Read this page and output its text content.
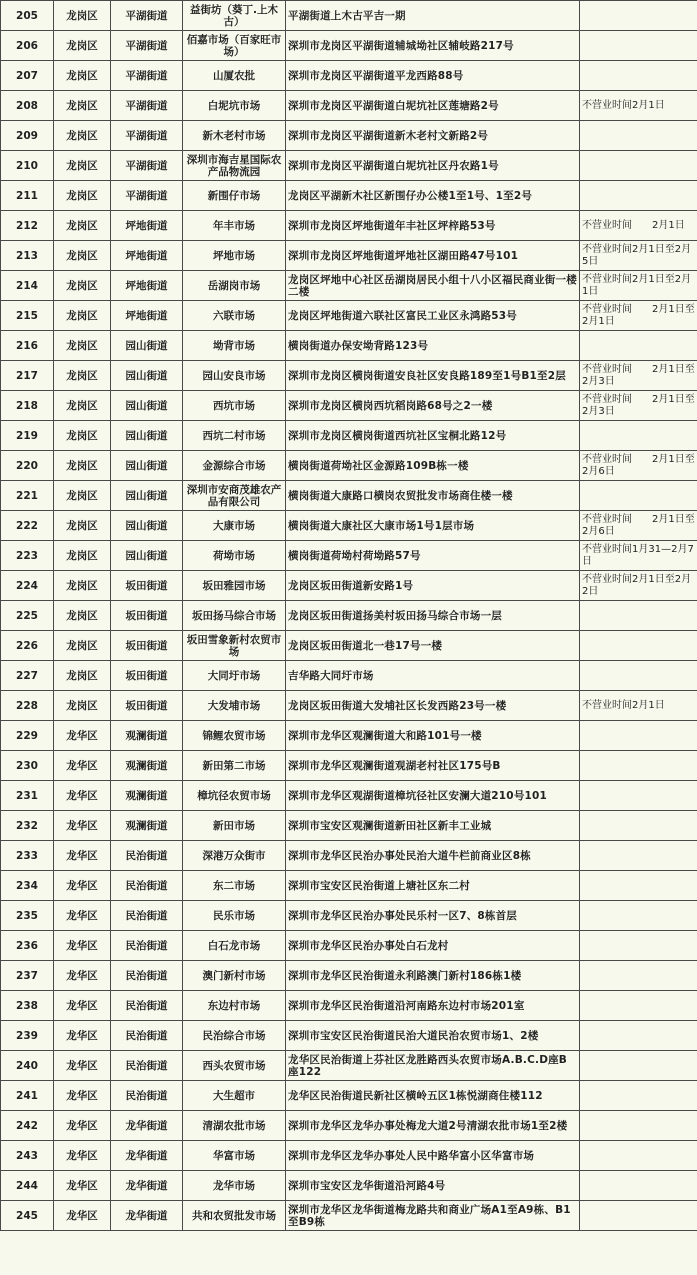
205	龙岗区	平湖街道	益街坊（葵丁.上木古）	平湖街道上木古平吉一期	
206	龙岗区	平湖街道	佰嘉市场（百家旺市场）	深圳市龙岗区平湖街道辅城坳社区辅岐路217号	
207	龙岗区	平湖街道	山厦农批	深圳市龙岗区平湖街道平龙西路88号	
208	龙岗区	平湖街道	白坭坑市场	深圳市龙岗区平湖街道白坭坑社区莲塘路2号	不营业时间2月1日
209	龙岗区	平湖街道	新木老村市场	深圳市龙岗区平湖街道新木老村文新路2号	
210	龙岗区	平湖街道	深圳市海吉星国际农产品物流园	深圳市龙岗区平湖街道白坭坑社区丹农路1号	
211	龙岗区	平湖街道	新围仔市场	龙岗区平湖新木社区新围仔办公楼1至1号、1至2号	
212	龙岗区	坪地街道	年丰市场	深圳市龙岗区坪地街道年丰社区坪梓路53号	不营业时间　　2月1日
213	龙岗区	坪地街道	坪地市场	深圳市龙岗区坪地街道坪地社区湖田路47号101	不营业时间2月1日至2月5日
214	龙岗区	坪地街道	岳湖岗市场	龙岗区坪地中心社区岳湖岗居民小组十八小区福民商业街一楼二楼	不营业时间2月1日至2月1日
215	龙岗区	坪地街道	六联市场	龙岗区坪地街道六联社区富民工业区永鸿路53号	不营业时间　　2月1日至2月1日
216	龙岗区	园山街道	坳背市场	横岗街道办保安坳背路123号	
217	龙岗区	园山街道	园山安良市场	深圳市龙岗区横岗街道安良社区安良路189至1号B1至2层	不营业时间　　2月1日至2月3日
218	龙岗区	园山街道	西坑市场	深圳市龙岗区横岗西坑稻岗路68号之2一楼	不营业时间　　2月1日至2月3日
219	龙岗区	园山街道	西坑二村市场	深圳市龙岗区横岗街道西坑社区宝桐北路12号	
220	龙岗区	园山街道	金源综合市场	横岗街道荷坳社区金源路109B栋一楼	不营业时间　　2月1日至2月6日
221	龙岗区	园山街道	深圳市安商茂雄农产品有限公司	横岗街道大康路口横岗农贸批发市场商住楼一楼	
222	龙岗区	园山街道	大康市场	横岗街道大康社区大康市场1号1层市场	不营业时间　　2月1日至2月6日
223	龙岗区	园山街道	荷坳市场	横岗街道荷坳村荷坳路57号	不营业时间1月31—2月7日
224	龙岗区	坂田街道	坂田雅园市场	龙岗区坂田街道新安路1号	不营业时间2月1日至2月2日
225	龙岗区	坂田街道	坂田扬马综合市场	龙岗区坂田街道扬美村坂田扬马综合市场一层	
226	龙岗区	坂田街道	坂田雪象新村农贸市场	龙岗区坂田街道北一巷17号一楼	
227	龙岗区	坂田街道	大同圩市场	吉华路大同圩市场	
228	龙岗区	坂田街道	大发埔市场	龙岗区坂田街道大发埔社区长发西路23号一楼	不营业时间2月1日
229	龙华区	观澜街道	锦鲤农贸市场	深圳市龙华区观澜街道大和路101号一楼	
230	龙华区	观澜街道	新田第二市场	深圳市龙华区观澜街道观湖老村社区175号B	
231	龙华区	观澜街道	樟坑径农贸市场	深圳市龙华区观湖街道樟坑径社区安澜大道210号101	
232	龙华区	观澜街道	新田市场	深圳市宝安区观澜街道新田社区新丰工业城	
233	龙华区	民治街道	深港万众街市	深圳市龙华区民治办事处民治大道牛栏前商业区8栋	
234	龙华区	民治街道	东二市场	深圳市宝安区民治街道上塘社区东二村	
235	龙华区	民治街道	民乐市场	深圳市龙华区民治办事处民乐村一区7、8栋首层	
236	龙华区	民治街道	白石龙市场	深圳市龙华区民治办事处白石龙村	
237	龙华区	民治街道	澳门新村市场	深圳市龙华区民治街道永利路澳门新村186栋1楼	
238	龙华区	民治街道	东边村市场	深圳市龙华区民治街道沿河南路东边村市场201室	
239	龙华区	民治街道	民治综合市场	深圳市宝安区民治街道民治大道民治农贸市场1、2楼	
240	龙华区	民治街道	西头农贸市场	龙华区民治街道上芬社区龙胜路西头农贸市场A.B.C.D座B座122	
241	龙华区	民治街道	大生超市	龙华区民治街道民新社区横岭五区1栋悦湖商住楼112	
242	龙华区	龙华街道	清湖农批市场	深圳市龙华区龙华办事处梅龙大道2号清湖农批市场1至2楼	
243	龙华区	龙华街道	华富市场	深圳市龙华区龙华办事处人民中路华富小区华富市场	
244	龙华区	龙华街道	龙华市场	深圳市宝安区龙华街道沿河路4号	
245	龙华区	龙华街道	共和农贸批发市场	深圳市龙华区龙华街道梅龙路共和商业广场A1至A9栋、B1至B9栋	
